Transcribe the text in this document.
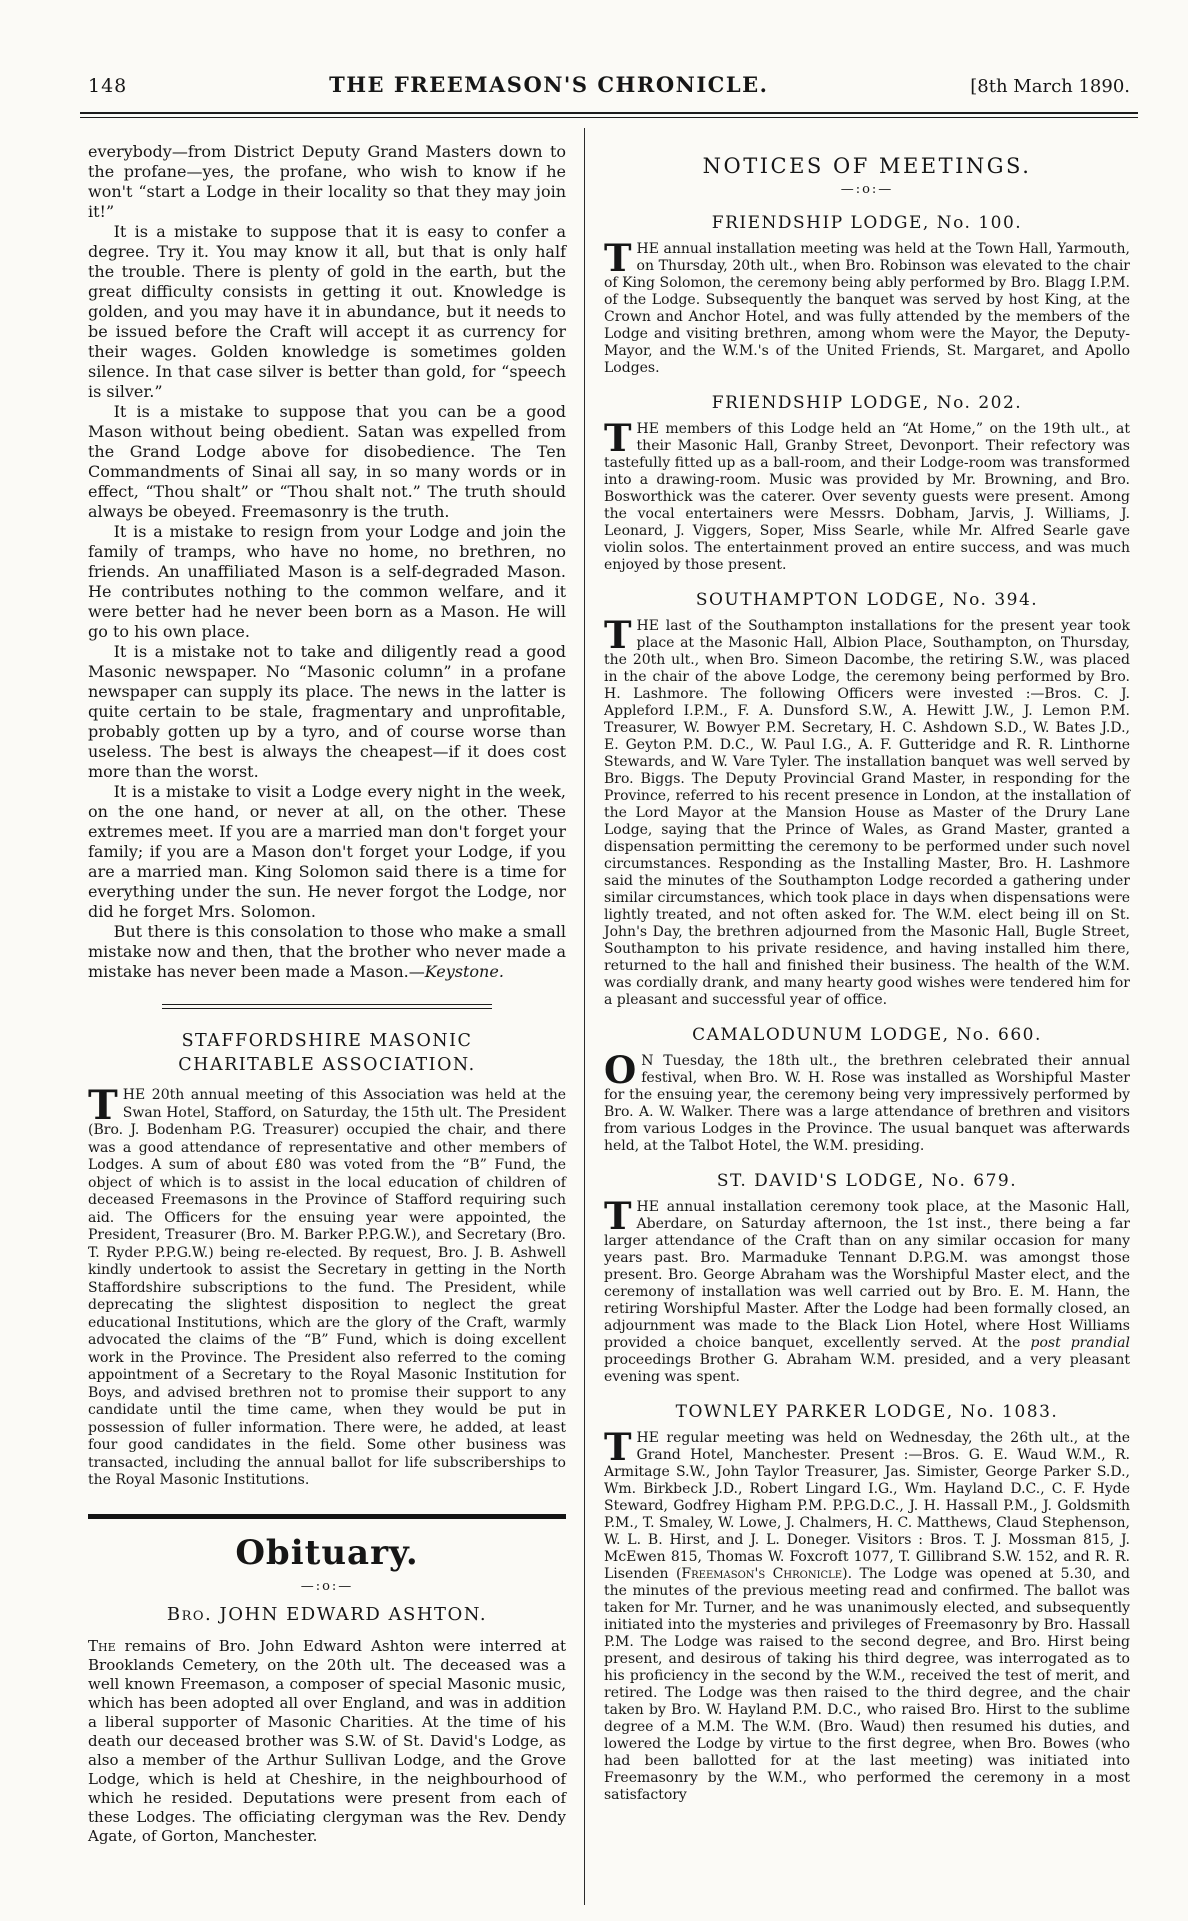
148	THE FREEMASON'S CHRONICLE.	[8th March 1890.

everybody—from District Deputy Grand Masters down to the profane—yes, the profane, who wish to know if he won't “start a Lodge in their locality so that they may join it!”

It is a mistake to suppose that it is easy to confer a degree. Try it. You may know it all, but that is only half the trouble. There is plenty of gold in the earth, but the great difficulty consists in getting it out. Knowledge is golden, and you may have it in abundance, but it needs to be issued before the Craft will accept it as currency for their wages. Golden knowledge is sometimes golden silence. In that case silver is better than gold, for “speech is silver.”

It is a mistake to suppose that you can be a good Mason without being obedient. Satan was expelled from the Grand Lodge above for disobedience. The Ten Commandments of Sinai all say, in so many words or in effect, “Thou shalt” or “Thou shalt not.” The truth should always be obeyed. Freemasonry is the truth.

It is a mistake to resign from your Lodge and join the family of tramps, who have no home, no brethren, no friends. An unaffiliated Mason is a self-degraded Mason. He contributes nothing to the common welfare, and it were better had he never been born as a Mason. He will go to his own place.

It is a mistake not to take and diligently read a good Masonic newspaper. No “Masonic column” in a profane newspaper can supply its place. The news in the latter is quite certain to be stale, fragmentary and unprofitable, probably gotten up by a tyro, and of course worse than useless. The best is always the cheapest—if it does cost more than the worst.

It is a mistake to visit a Lodge every night in the week, on the one hand, or never at all, on the other. These extremes meet. If you are a married man don't forget your family; if you are a Mason don't forget your Lodge, if you are a married man. King Solomon said there is a time for everything under the sun. He never forgot the Lodge, nor did he forget Mrs. Solomon.

But there is this consolation to those who make a small mistake now and then, that the brother who never made a mistake has never been made a Mason.—Keystone.

STAFFORDSHIRE MASONIC CHARITABLE ASSOCIATION.

THE 20th annual meeting of this Association was held at the Swan Hotel, Stafford, on Saturday, the 15th ult. The President (Bro. J. Bodenham P.G. Treasurer) occupied the chair, and there was a good attendance of representative and other members of Lodges. A sum of about £80 was voted from the “B” Fund, the object of which is to assist in the local education of children of deceased Freemasons in the Province of Stafford requiring such aid. The Officers for the ensuing year were appointed, the President, Treasurer (Bro. M. Barker P.P.G.W.), and Secretary (Bro. T. Ryder P.P.G.W.) being re-elected. By request, Bro. J. B. Ashwell kindly undertook to assist the Secretary in getting in the North Staffordshire subscriptions to the fund. The President, while deprecating the slightest disposition to neglect the great educational Institutions, which are the glory of the Craft, warmly advocated the claims of the “B” Fund, which is doing excellent work in the Province. The President also referred to the coming appointment of a Secretary to the Royal Masonic Institution for Boys, and advised brethren not to promise their support to any candidate until the time came, when they would be put in possession of fuller information. There were, he added, at least four good candidates in the field. Some other business was transacted, including the annual ballot for life subscriberships to the Royal Masonic Institutions.

Obituary.
—:o:—
Bro. JOHN EDWARD ASHTON.

The remains of Bro. John Edward Ashton were interred at Brooklands Cemetery, on the 20th ult. The deceased was a well known Freemason, a composer of special Masonic music, which has been adopted all over England, and was in addition a liberal supporter of Masonic Charities. At the time of his death our deceased brother was S.W. of St. David's Lodge, as also a member of the Arthur Sullivan Lodge, and the Grove Lodge, which is held at Cheshire, in the neighbourhood of which he resided. Deputations were present from each of these Lodges. The officiating clergyman was the Rev. Dendy Agate, of Gorton, Manchester.

NOTICES OF MEETINGS.
—:o:—
FRIENDSHIP LODGE, No. 100.

THE annual installation meeting was held at the Town Hall, Yarmouth, on Thursday, 20th ult., when Bro. Robinson was elevated to the chair of King Solomon, the ceremony being ably performed by Bro. Blagg I.P.M. of the Lodge. Subsequently the banquet was served by host King, at the Crown and Anchor Hotel, and was fully attended by the members of the Lodge and visiting brethren, among whom were the Mayor, the Deputy-Mayor, and the W.M.'s of the United Friends, St. Margaret, and Apollo Lodges.

FRIENDSHIP LODGE, No. 202.

THE members of this Lodge held an “At Home,” on the 19th ult., at their Masonic Hall, Granby Street, Devonport. Their refectory was tastefully fitted up as a ball-room, and their Lodge-room was transformed into a drawing-room. Music was provided by Mr. Browning, and Bro. Bosworthick was the caterer. Over seventy guests were present. Among the vocal entertainers were Messrs. Dobham, Jarvis, J. Williams, J. Leonard, J. Viggers, Soper, Miss Searle, while Mr. Alfred Searle gave violin solos. The entertainment proved an entire success, and was much enjoyed by those present.

SOUTHAMPTON LODGE, No. 394.

THE last of the Southampton installations for the present year took place at the Masonic Hall, Albion Place, Southampton, on Thursday, the 20th ult., when Bro. Simeon Dacombe, the retiring S.W., was placed in the chair of the above Lodge, the ceremony being performed by Bro. H. Lashmore. The following Officers were invested :—Bros. C. J. Appleford I.P.M., F. A. Dunsford S.W., A. Hewitt J.W., J. Lemon P.M. Treasurer, W. Bowyer P.M. Secretary, H. C. Ashdown S.D., W. Bates J.D., E. Geyton P.M. D.C., W. Paul I.G., A. F. Gutteridge and R. R. Linthorne Stewards, and W. Vare Tyler. The installation banquet was well served by Bro. Biggs. The Deputy Provincial Grand Master, in responding for the Province, referred to his recent presence in London, at the installation of the Lord Mayor at the Mansion House as Master of the Drury Lane Lodge, saying that the Prince of Wales, as Grand Master, granted a dispensation permitting the ceremony to be performed under such novel circumstances. Responding as the Installing Master, Bro. H. Lashmore said the minutes of the Southampton Lodge recorded a gathering under similar circumstances, which took place in days when dispensations were lightly treated, and not often asked for. The W.M. elect being ill on St. John's Day, the brethren adjourned from the Masonic Hall, Bugle Street, Southampton to his private residence, and having installed him there, returned to the hall and finished their business. The health of the W.M. was cordially drank, and many hearty good wishes were tendered him for a pleasant and successful year of office.

CAMALODUNUM LODGE, No. 660.

O N Tuesday, the 18th ult., the brethren celebrated their annual festival, when Bro. W. H. Rose was installed as Worshipful Master for the ensuing year, the ceremony being very impressively performed by Bro. A. W. Walker. There was a large attendance of brethren and visitors from various Lodges in the Province. The usual banquet was afterwards held, at the Talbot Hotel, the W.M. presiding.

ST. DAVID'S LODGE, No. 679.

THE annual installation ceremony took place, at the Masonic Hall, Aberdare, on Saturday afternoon, the 1st inst., there being a far larger attendance of the Craft than on any similar occasion for many years past. Bro. Marmaduke Tennant D.P.G.M. was amongst those present. Bro. George Abraham was the Worshipful Master elect, and the ceremony of installation was well carried out by Bro. E. M. Hann, the retiring Worshipful Master. After the Lodge had been formally closed, an adjournment was made to the Black Lion Hotel, where Host Williams provided a choice banquet, excellently served. At the post prandial proceedings Brother G. Abraham W.M. presided, and a very pleasant evening was spent.

TOWNLEY PARKER LODGE, No. 1083.

THE regular meeting was held on Wednesday, the 26th ult., at the Grand Hotel, Manchester. Present :—Bros. G. E. Waud W.M., R. Armitage S.W., John Taylor Treasurer, Jas. Simister, George Parker S.D., Wm. Birkbeck J.D., Robert Lingard I.G., Wm. Hayland D.C., C. F. Hyde Steward, Godfrey Higham P.M. P.P.G.D.C., J. H. Hassall P.M., J. Goldsmith P.M., T. Smaley, W. Lowe, J. Chalmers, H. C. Matthews, Claud Stephenson, W. L. B. Hirst, and J. L. Doneger. Visitors : Bros. T. J. Mossman 815, J. McEwen 815, Thomas W. Foxcroft 1077, T. Gillibrand S.W. 152, and R. R. Lisenden (Freemason's Chronicle). The Lodge was opened at 5.30, and the minutes of the previous meeting read and confirmed. The ballot was taken for Mr. Turner, and he was unanimously elected, and subsequently initiated into the mysteries and privileges of Freemasonry by Bro. Hassall P.M. The Lodge was raised to the second degree, and Bro. Hirst being present, and desirous of taking his third degree, was interrogated as to his proficiency in the second by the W.M., received the test of merit, and retired. The Lodge was then raised to the third degree, and the chair taken by Bro. W. Hayland P.M. D.C., who raised Bro. Hirst to the sublime degree of a M.M. The W.M. (Bro. Waud) then resumed his duties, and lowered the Lodge by virtue to the first degree, when Bro. Bowes (who had been ballotted for at the last meeting) was initiated into Freemasonry by the W.M., who performed the ceremony in a most satisfactory
